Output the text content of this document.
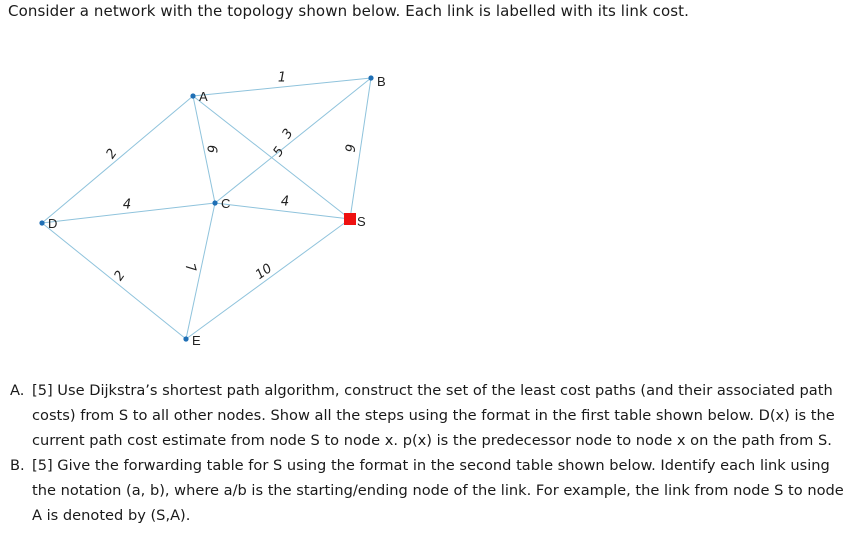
Consider a network with the topology shown below. Each link is labelled with its link cost.
1
2	6	5
3
6
4	4
2
7	10
A
B
C
D
E
S
A. [5] Use Dijkstra’s shortest path algorithm, construct the set of the least cost paths (and their associated path costs) from S to all other nodes. Show all the steps using the format in the first table shown below. D(x) is the current path cost estimate from node S to node x. p(x) is the predecessor node to node x on the path from S.
B. [5] Give the forwarding table for S using the format in the second table shown below. Identify each link using the notation (a, b), where a/b is the starting/ending node of the link. For example, the link from node S to node A is denoted by (S,A).
